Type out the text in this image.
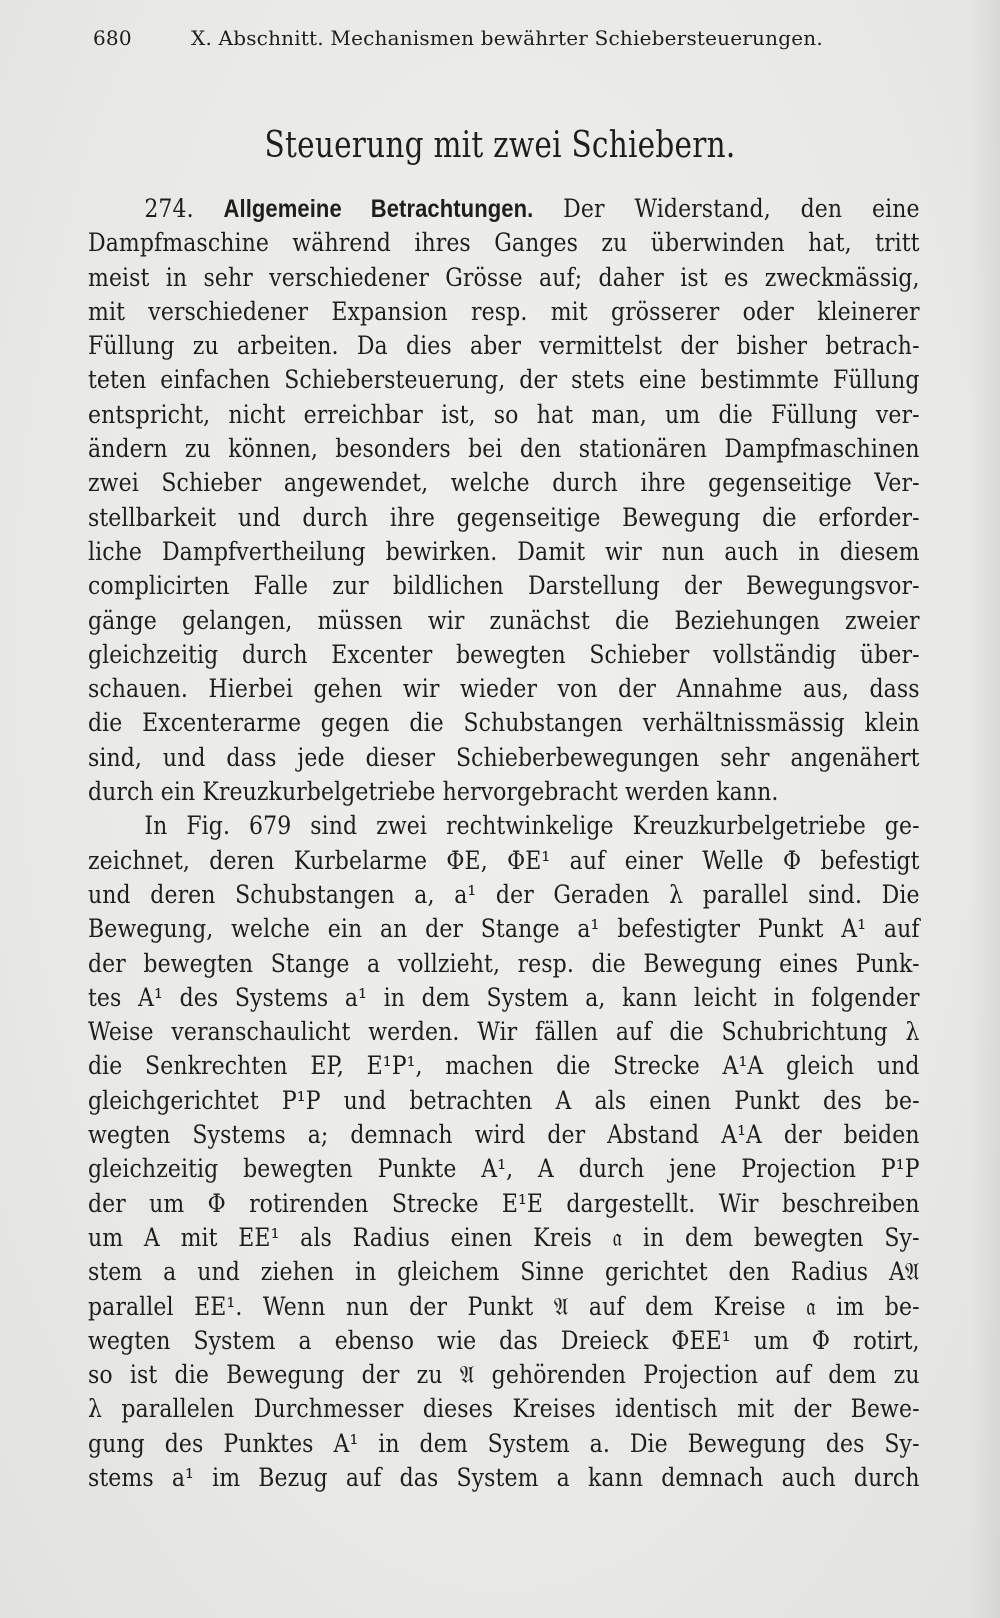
680	X. Abschnitt. Mechanismen bewährter Schiebersteuerungen.
Steuerung mit zwei Schiebern.
274. Allgemeine Betrachtungen. Der Widerstand, den eine
Dampfmaschine während ihres Ganges zu überwinden hat, tritt
meist in sehr verschiedener Grösse auf; daher ist es zweckmässig,
mit verschiedener Expansion resp. mit grösserer oder kleinerer
Füllung zu arbeiten. Da dies aber vermittelst der bisher betrach-
teten einfachen Schiebersteuerung, der stets eine bestimmte Füllung
entspricht, nicht erreichbar ist, so hat man, um die Füllung ver-
ändern zu können, besonders bei den stationären Dampfmaschinen
zwei Schieber angewendet, welche durch ihre gegenseitige Ver-
stellbarkeit und durch ihre gegenseitige Bewegung die erforder-
liche Dampfvertheilung bewirken. Damit wir nun auch in diesem
complicirten Falle zur bildlichen Darstellung der Bewegungsvor-
gänge gelangen, müssen wir zunächst die Beziehungen zweier
gleichzeitig durch Excenter bewegten Schieber vollständig über-
schauen. Hierbei gehen wir wieder von der Annahme aus, dass
die Excenterarme gegen die Schubstangen verhältnissmässig klein
sind, und dass jede dieser Schieberbewegungen sehr angenähert
durch ein Kreuzkurbelgetriebe hervorgebracht werden kann.
In Fig. 679 sind zwei rechtwinkelige Kreuzkurbelgetriebe ge-
zeichnet, deren Kurbelarme ΦE, ΦE¹ auf einer Welle Φ befestigt
und deren Schubstangen a, a¹ der Geraden λ parallel sind. Die
Bewegung, welche ein an der Stange a¹ befestigter Punkt A¹ auf
der bewegten Stange a vollzieht, resp. die Bewegung eines Punk-
tes A¹ des Systems a¹ in dem System a, kann leicht in folgender
Weise veranschaulicht werden. Wir fällen auf die Schubrichtung λ
die Senkrechten EP, E¹P¹, machen die Strecke A¹A gleich und
gleichgerichtet P¹P und betrachten A als einen Punkt des be-
wegten Systems a; demnach wird der Abstand A¹A der beiden
gleichzeitig bewegten Punkte A¹, A durch jene Projection P¹P
der um Φ rotirenden Strecke E¹E dargestellt. Wir beschreiben
um A mit EE¹ als Radius einen Kreis 𝔞 in dem bewegten Sy-
stem a und ziehen in gleichem Sinne gerichtet den Radius A𝔄
parallel EE¹. Wenn nun der Punkt 𝔄 auf dem Kreise 𝔞 im be-
wegten System a ebenso wie das Dreieck ΦEE¹ um Φ rotirt,
so ist die Bewegung der zu 𝔄 gehörenden Projection auf dem zu
λ parallelen Durchmesser dieses Kreises identisch mit der Bewe-
gung des Punktes A¹ in dem System a. Die Bewegung des Sy-
stems a¹ im Bezug auf das System a kann demnach auch durch
